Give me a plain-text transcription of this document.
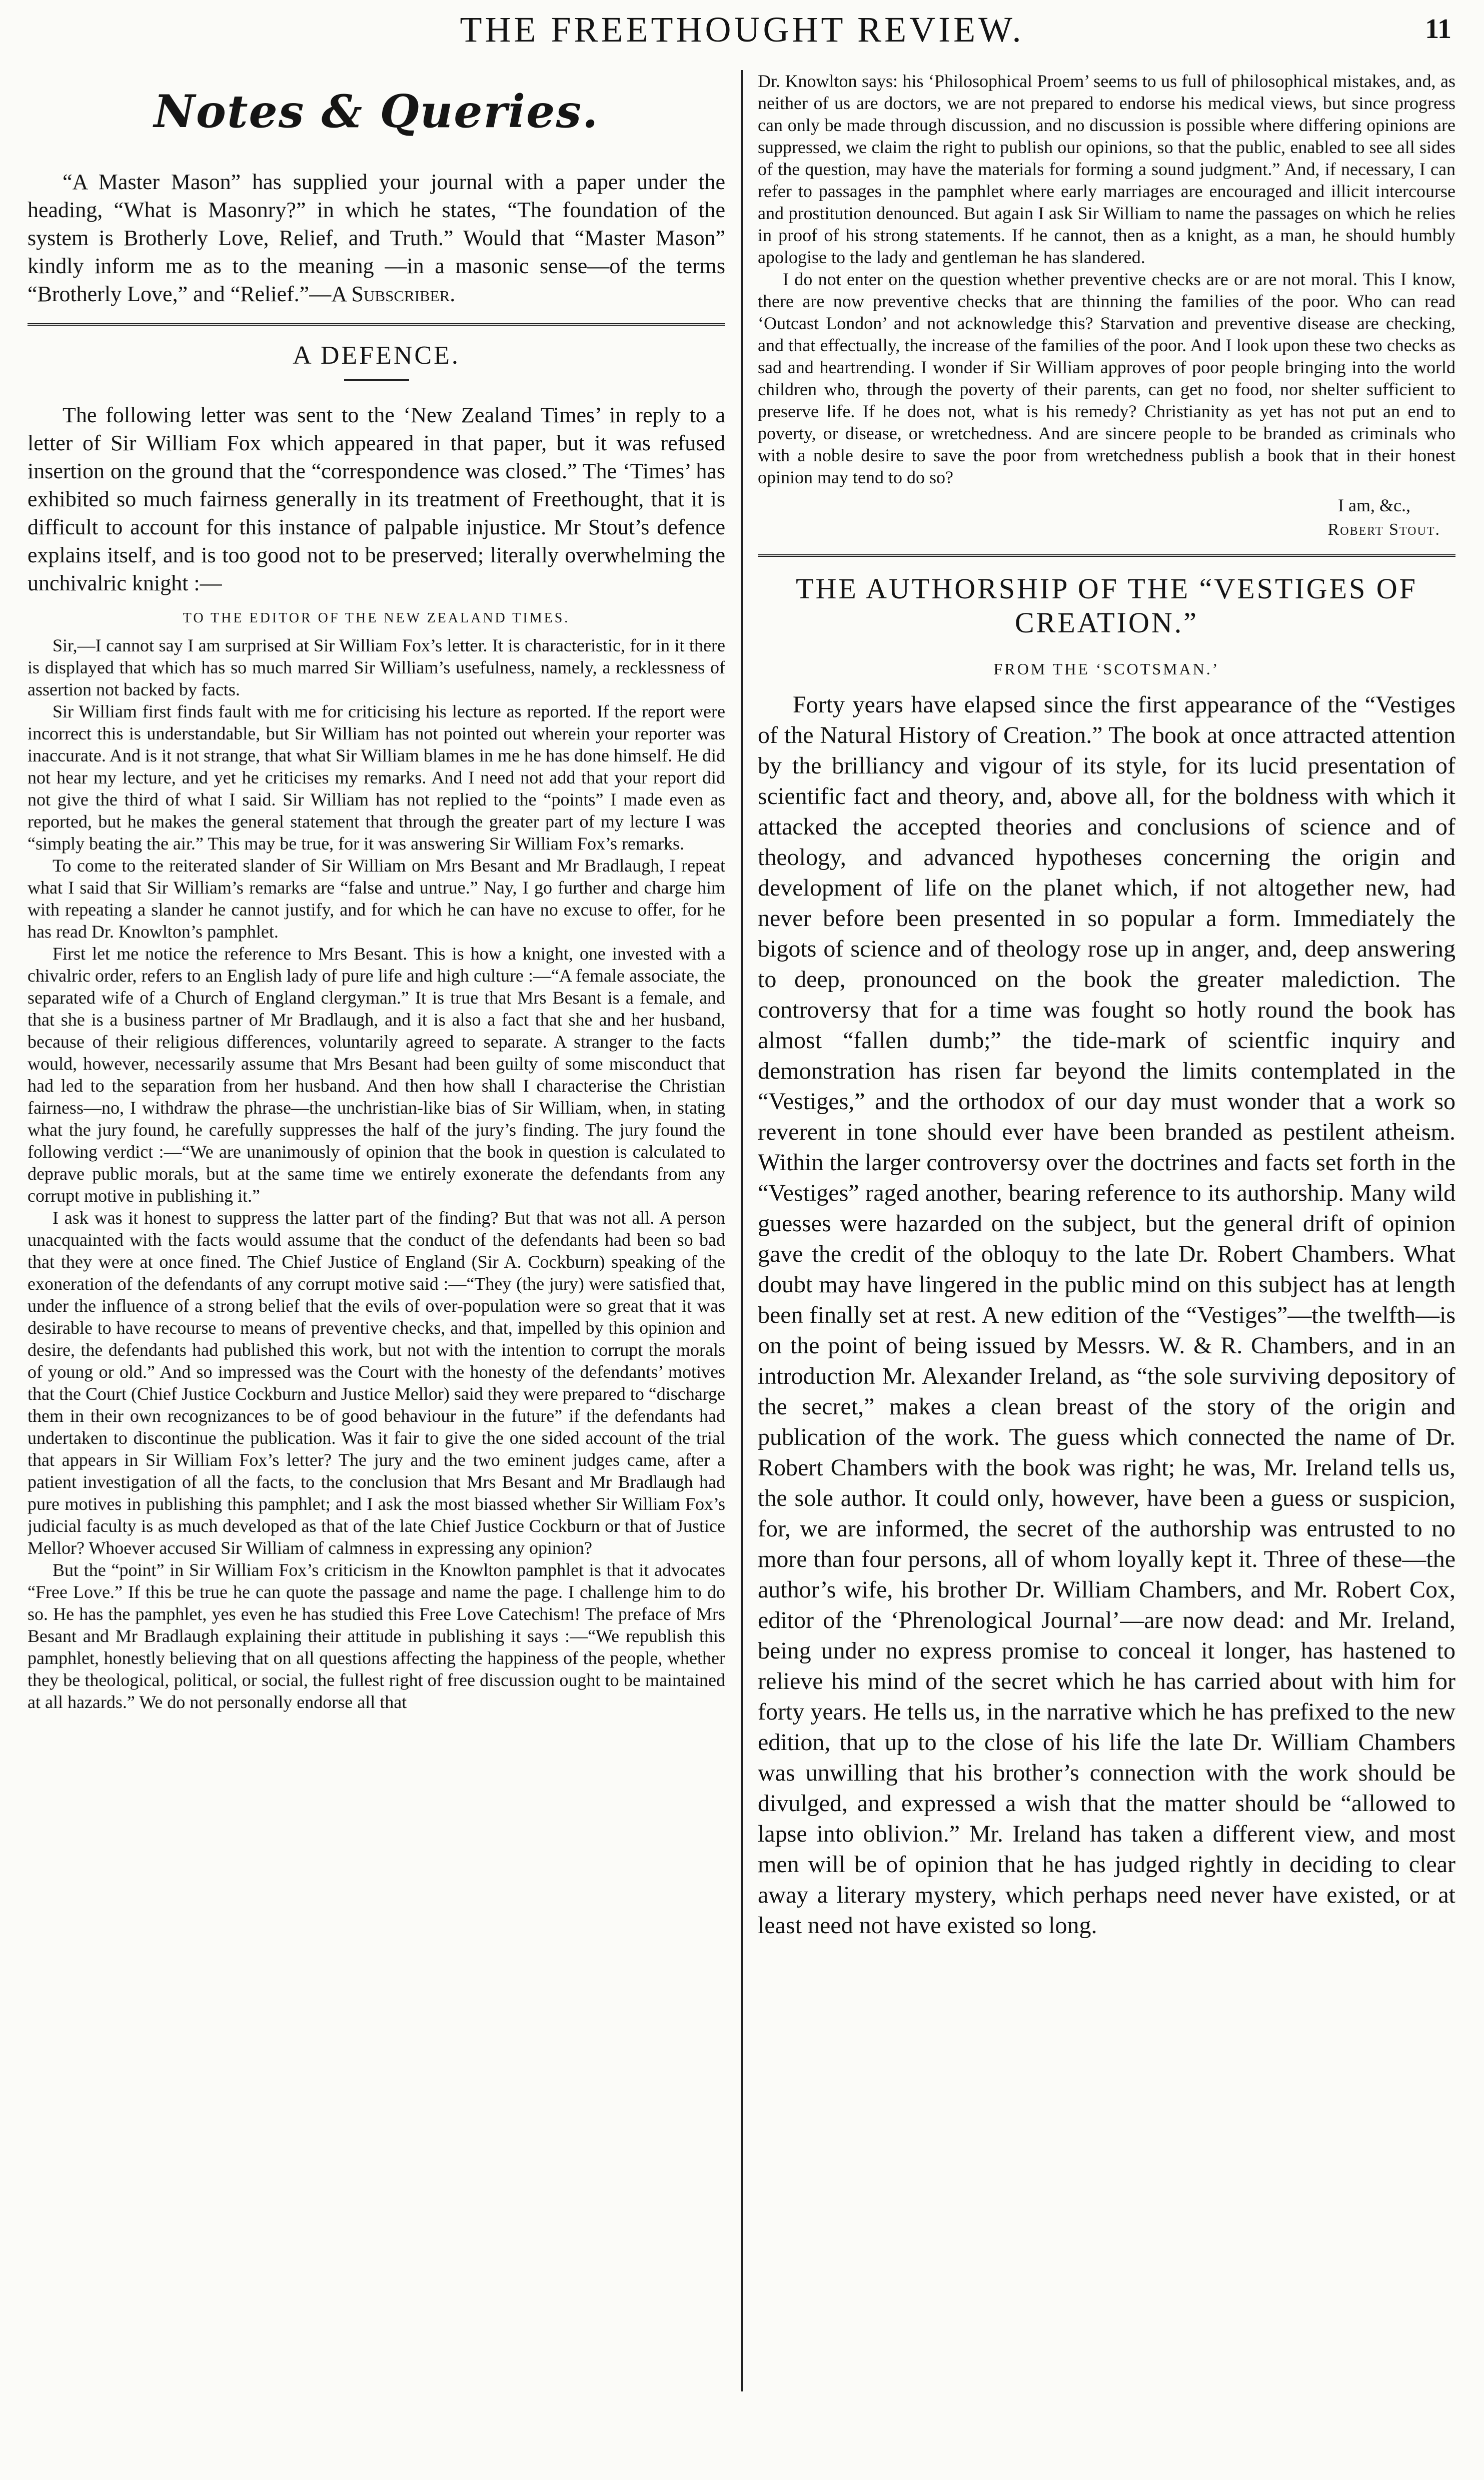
THE FREETHOUGHT REVIEW.	11
Notes & Queries.

“A Master Mason” has supplied your journal with a paper under the heading, “What is Masonry?” in which he states, “The foundation of the system is Brotherly Love, Relief, and Truth.” Would that “Master Mason” kindly inform me as to the meaning —in a masonic sense—of the terms “Brotherly Love,” and “Relief.”—A Subscriber.

A DEFENCE.

The following letter was sent to the ‘New Zealand Times’ in reply to a letter of Sir William Fox which appeared in that paper, but it was refused insertion on the ground that the “correspondence was closed.” The ‘Times’ has exhibited so much fairness generally in its treatment of Freethought, that it is difficult to account for this instance of palpable injustice. Mr Stout’s defence explains itself, and is too good not to be preserved; literally overwhelming the unchivalric knight :—

TO THE EDITOR OF THE NEW ZEALAND TIMES.

Sir,—I cannot say I am surprised at Sir William Fox’s letter. It is characteristic, for in it there is displayed that which has so much marred Sir William’s usefulness, namely, a recklessness of assertion not backed by facts.

Sir William first finds fault with me for criticising his lecture as reported. If the report were incorrect this is understandable, but Sir William has not pointed out wherein your reporter was inaccurate. And is it not strange, that what Sir William blames in me he has done himself. He did not hear my lecture, and yet he criticises my remarks. And I need not add that your report did not give the third of what I said. Sir William has not replied to the “points” I made even as reported, but he makes the general statement that through the greater part of my lecture I was “simply beating the air.” This may be true, for it was answering Sir William Fox’s remarks.

To come to the reiterated slander of Sir William on Mrs Besant and Mr Bradlaugh, I repeat what I said that Sir William’s remarks are “false and untrue.” Nay, I go further and charge him with repeating a slander he cannot justify, and for which he can have no excuse to offer, for he has read Dr. Knowlton’s pamphlet.

First let me notice the reference to Mrs Besant. This is how a knight, one invested with a chivalric order, refers to an English lady of pure life and high culture :—“A female associate, the separated wife of a Church of England clergyman.” It is true that Mrs Besant is a female, and that she is a business partner of Mr Bradlaugh, and it is also a fact that she and her husband, because of their religious differences, voluntarily agreed to separate. A stranger to the facts would, however, necessarily assume that Mrs Besant had been guilty of some misconduct that had led to the separation from her husband. And then how shall I characterise the Christian fairness—no, I withdraw the phrase—the unchristian-like bias of Sir William, when, in stating what the jury found, he carefully suppresses the half of the jury’s finding. The jury found the following verdict :—“We are unanimously of opinion that the book in question is calculated to deprave public morals, but at the same time we entirely exonerate the defendants from any corrupt motive in publishing it.”

I ask was it honest to suppress the latter part of the finding? But that was not all. A person unacquainted with the facts would assume that the conduct of the defendants had been so bad that they were at once fined. The Chief Justice of England (Sir A. Cockburn) speaking of the exoneration of the defendants of any corrupt motive said :—“They (the jury) were satisfied that, under the influence of a strong belief that the evils of over-population were so great that it was desirable to have recourse to means of preventive checks, and that, impelled by this opinion and desire, the defendants had published this work, but not with the intention to corrupt the morals of young or old.” And so impressed was the Court with the honesty of the defendants’ motives that the Court (Chief Justice Cockburn and Justice Mellor) said they were prepared to “discharge them in their own recognizances to be of good behaviour in the future” if the defendants had undertaken to discontinue the publication. Was it fair to give the one sided account of the trial that appears in Sir William Fox’s letter? The jury and the two eminent judges came, after a patient investigation of all the facts, to the conclusion that Mrs Besant and Mr Bradlaugh had pure motives in publishing this pamphlet; and I ask the most biassed whether Sir William Fox’s judicial faculty is as much developed as that of the late Chief Justice Cockburn or that of Justice Mellor? Whoever accused Sir William of calmness in expressing any opinion?

But the “point” in Sir William Fox’s criticism in the Knowlton pamphlet is that it advocates “Free Love.” If this be true he can quote the passage and name the page. I challenge him to do so. He has the pamphlet, yes even he has studied this Free Love Catechism! The preface of Mrs Besant and Mr Bradlaugh explaining their attitude in publishing it says :—“We republish this pamphlet, honestly believing that on all questions affecting the happiness of the people, whether they be theological, political, or social, the fullest right of free discussion ought to be maintained at all hazards.” We do not personally endorse all that

Dr. Knowlton says: his ‘Philosophical Proem’ seems to us full of philosophical mistakes, and, as neither of us are doctors, we are not prepared to endorse his medical views, but since progress can only be made through discussion, and no discussion is possible where differing opinions are suppressed, we claim the right to publish our opinions, so that the public, enabled to see all sides of the question, may have the materials for forming a sound judgment.” And, if necessary, I can refer to passages in the pamphlet where early marriages are encouraged and illicit intercourse and prostitution denounced. But again I ask Sir William to name the passages on which he relies in proof of his strong statements. If he cannot, then as a knight, as a man, he should humbly apologise to the lady and gentleman he has slandered.

I do not enter on the question whether preventive checks are or are not moral. This I know, there are now preventive checks that are thinning the families of the poor. Who can read ‘Outcast London’ and not acknowledge this? Starvation and preventive disease are checking, and that effectually, the increase of the families of the poor. And I look upon these two checks as sad and heartrending. I wonder if Sir William approves of poor people bringing into the world children who, through the poverty of their parents, can get no food, nor shelter sufficient to preserve life. If he does not, what is his remedy? Christianity as yet has not put an end to poverty, or disease, or wretchedness. And are sincere people to be branded as criminals who with a noble desire to save the poor from wretchedness publish a book that in their honest opinion may tend to do so?

I am, &c.,
Robert Stout.
THE AUTHORSHIP OF THE “VESTIGES OF CREATION.”
FROM THE ‘SCOTSMAN.’

Forty years have elapsed since the first appearance of the “Vestiges of the Natural History of Creation.” The book at once attracted attention by the brilliancy and vigour of its style, for its lucid presentation of scientific fact and theory, and, above all, for the boldness with which it attacked the accepted theories and conclusions of science and of theology, and advanced hypotheses concerning the origin and development of life on the planet which, if not altogether new, had never before been presented in so popular a form. Immediately the bigots of science and of theology rose up in anger, and, deep answering to deep, pronounced on the book the greater malediction. The controversy that for a time was fought so hotly round the book has almost “fallen dumb;” the tide-mark of scientfic inquiry and demonstration has risen far beyond the limits contemplated in the “Vestiges,” and the orthodox of our day must wonder that a work so reverent in tone should ever have been branded as pestilent atheism. Within the larger controversy over the doctrines and facts set forth in the “Vestiges” raged another, bearing reference to its authorship. Many wild guesses were hazarded on the subject, but the general drift of opinion gave the credit of the obloquy to the late Dr. Robert Chambers. What doubt may have lingered in the public mind on this subject has at length been finally set at rest. A new edition of the “Vestiges”—the twelfth—is on the point of being issued by Messrs. W. & R. Chambers, and in an introduction Mr. Alexander Ireland, as “the sole surviving depository of the secret,” makes a clean breast of the story of the origin and publication of the work. The guess which connected the name of Dr. Robert Chambers with the book was right; he was, Mr. Ireland tells us, the sole author. It could only, however, have been a guess or suspicion, for, we are informed, the secret of the authorship was entrusted to no more than four persons, all of whom loyally kept it. Three of these—the author’s wife, his brother Dr. William Chambers, and Mr. Robert Cox, editor of the ‘Phrenological Journal’—are now dead: and Mr. Ireland, being under no express promise to conceal it longer, has hastened to relieve his mind of the secret which he has carried about with him for forty years. He tells us, in the narrative which he has prefixed to the new edition, that up to the close of his life the late Dr. William Chambers was unwilling that his brother’s connection with the work should be divulged, and expressed a wish that the matter should be “allowed to lapse into oblivion.” Mr. Ireland has taken a different view, and most men will be of opinion that he has judged rightly in deciding to clear away a literary mystery, which perhaps need never have existed, or at least need not have existed so long.
